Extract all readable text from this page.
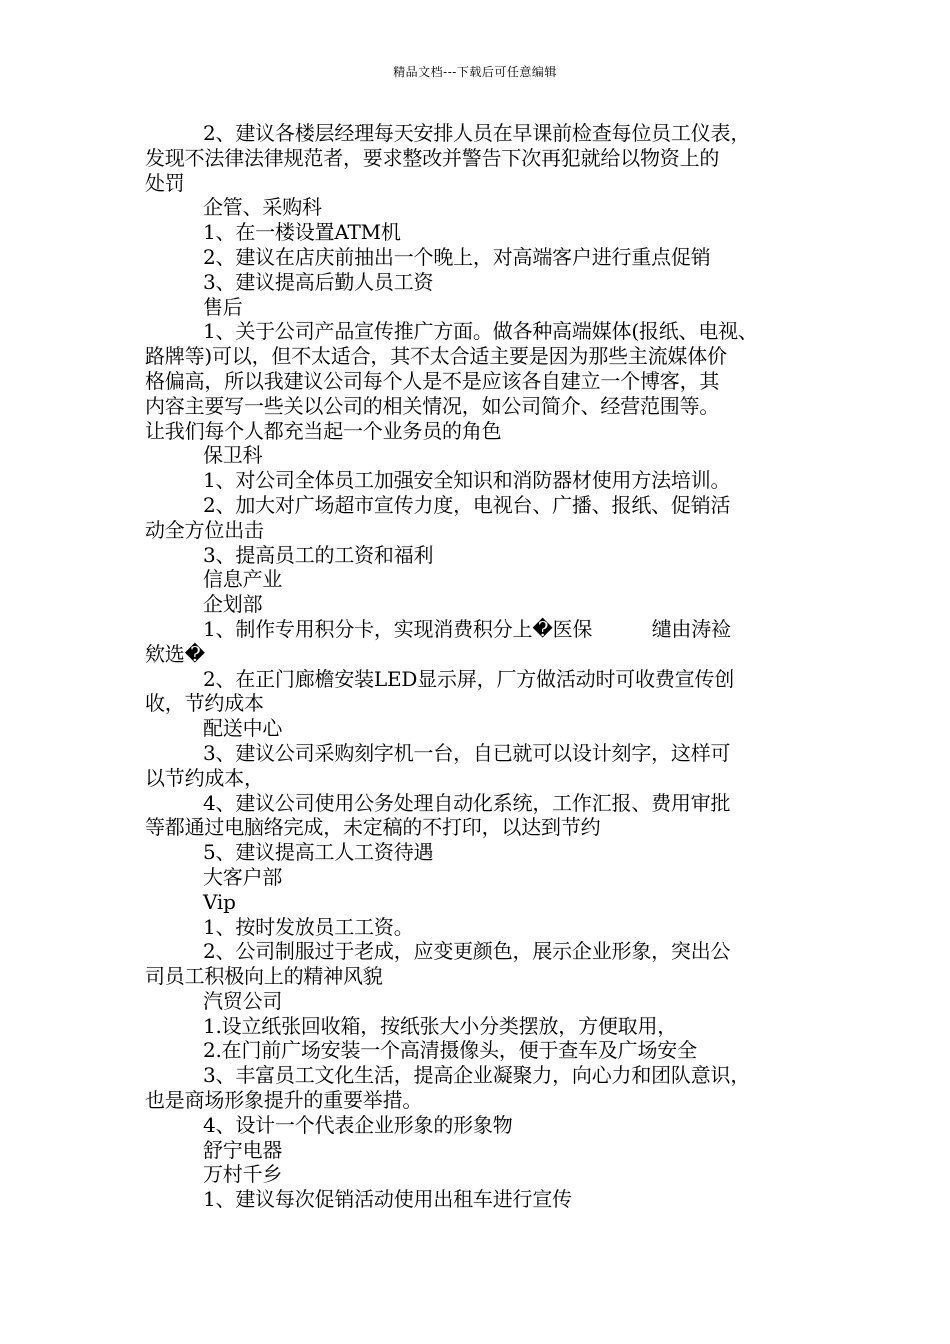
精品文档---下载后可任意编辑
2、建议各楼层经理每天安排人员在早课前检查每位员工仪表，
发现不法律法律规范者，要求整改并警告下次再犯就给以物资上的
处罚
企管、采购科
1、在一楼设置ATM机
2、建议在店庆前抽出一个晚上，对高端客户进行重点促销
3、建议提高后勤人员工资
售后
1、关于公司产品宣传推广方面。做各种高端媒体(报纸、电视、
路牌等)可以，但不太适合，其不太合适主要是因为那些主流媒体价
格偏高，所以我建议公司每个人是不是应该各自建立一个博客，其
内容主要写一些关以公司的相关情况，如公司简介、经营范围等。
让我们每个人都充当起一个业务员的角色
保卫科
1、对公司全体员工加强安全知识和消防器材使用方法培训。
2、加大对广场超市宣传力度，电视台、广播、报纸、促销活
动全方位出击
3、提高员工的工资和福利
信息产业
企划部
1、制作专用积分卡，实现消费积分上�医保　　　缱由涛裣
欸选�
2、在正门廊檐安装LED显示屏，厂方做活动时可收费宣传创
收，节约成本
配送中心
3、建议公司采购刻字机一台，自已就可以设计刻字，这样可
以节约成本，
4、建议公司使用公务处理自动化系统，工作汇报、费用审批
等都通过电脑络完成，未定稿的不打印，以达到节约
5、建议提高工人工资待遇
大客户部
Vip
1、按时发放员工工资。
2、公司制服过于老成，应变更颜色，展示企业形象，突出公
司员工积极向上的精神风貌
汽贸公司
1.设立纸张回收箱，按纸张大小分类摆放，方便取用，
2.在门前广场安装一个高清摄像头，便于查车及广场安全
3、丰富员工文化生活，提高企业凝聚力，向心力和团队意识，
也是商场形象提升的重要举措。
4、设计一个代表企业形象的形象物
舒宁电器
万村千乡
1、建议每次促销活动使用出租车进行宣传
